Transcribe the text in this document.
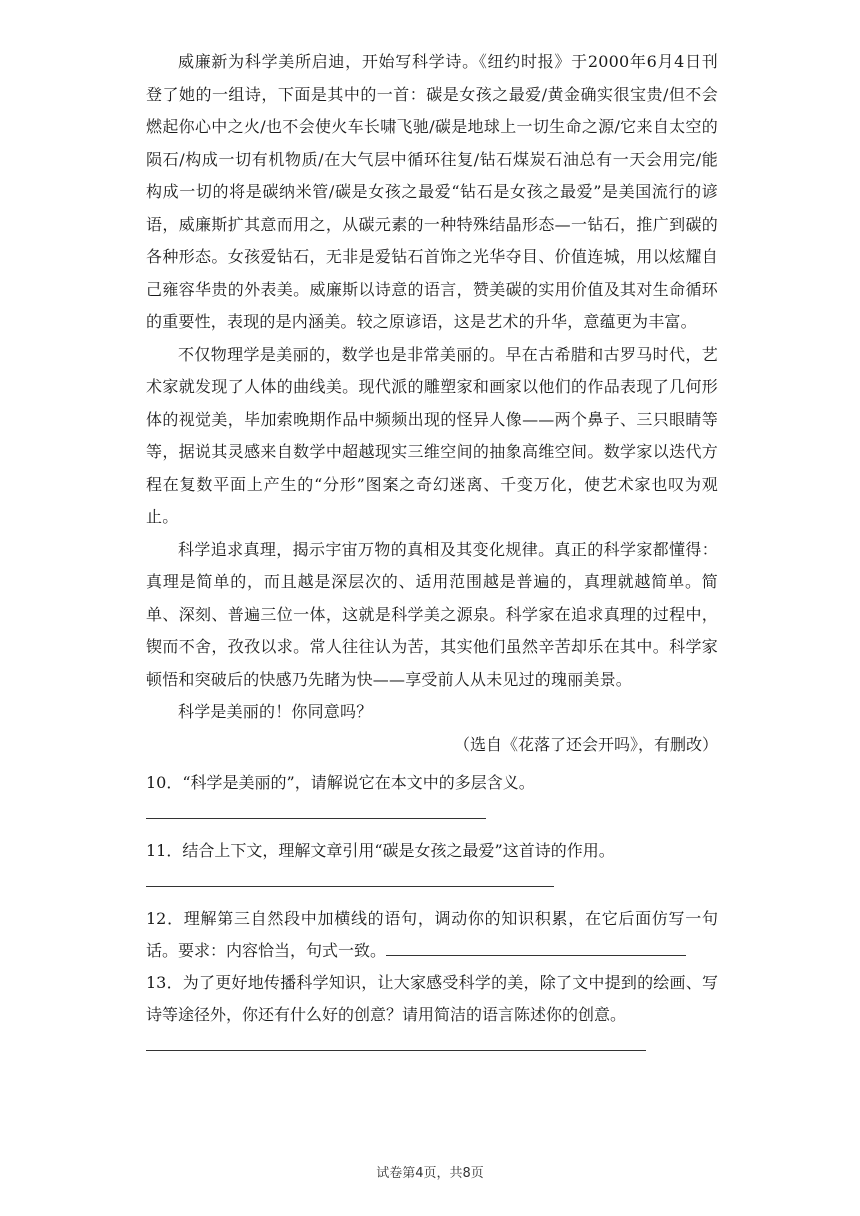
威廉新为科学美所启迪，开始写科学诗。《纽约时报》于2000年6月4日刊登了她的一组诗，下面是其中的一首：碳是女孩之最爱/黄金确实很宝贵/但不会燃起你心中之火/也不会使火车长啸飞驰/碳是地球上一切生命之源/它来自太空的陨石/构成一切有机物质/在大气层中循环往复/钻石煤炭石油总有一天会用完/能构成一切的将是碳纳米管/碳是女孩之最爱“钻石是女孩之最爱”是美国流行的谚语，威廉斯扩其意而用之，从碳元素的一种特殊结晶形态—一钻石，推广到碳的各种形态。女孩爱钻石，无非是爱钻石首饰之光华夺目、价值连城，用以炫耀自己雍容华贵的外表美。威廉斯以诗意的语言，赞美碳的实用价值及其对生命循环的重要性，表现的是内涵美。较之原谚语，这是艺术的升华，意蕴更为丰富。

不仅物理学是美丽的，数学也是非常美丽的。早在古希腊和古罗马时代，艺术家就发现了人体的曲线美。现代派的雕塑家和画家以他们的作品表现了几何形体的视觉美，毕加索晚期作品中频频出现的怪异人像——两个鼻子、三只眼睛等等，据说其灵感来自数学中超越现实三维空间的抽象高维空间。数学家以迭代方程在复数平面上产生的“分形”图案之奇幻迷离、千变万化，使艺术家也叹为观止。

科学追求真理，揭示宇宙万物的真相及其变化规律。真正的科学家都懂得：真理是简单的，而且越是深层次的、适用范围越是普遍的，真理就越简单。简单、深刻、普遍三位一体，这就是科学美之源泉。科学家在追求真理的过程中，锲而不舍，孜孜以求。常人往往认为苦，其实他们虽然辛苦却乐在其中。科学家顿悟和突破后的快感乃先睹为快——享受前人从未见过的瑰丽美景。

科学是美丽的！你同意吗？

（选自《花落了还会开吗》，有删改）

10．“科学是美丽的”，请解说它在本文中的多层含义。

11．结合上下文，理解文章引用“碳是女孩之最爱”这首诗的作用。

12．理解第三自然段中加横线的语句，调动你的知识积累，在它后面仿写一句话。要求：内容恰当，句式一致。

13．为了更好地传播科学知识，让大家感受科学的美，除了文中提到的绘画、写诗等途径外，你还有什么好的创意？请用简洁的语言陈述你的创意。

试卷第4页，共8页
